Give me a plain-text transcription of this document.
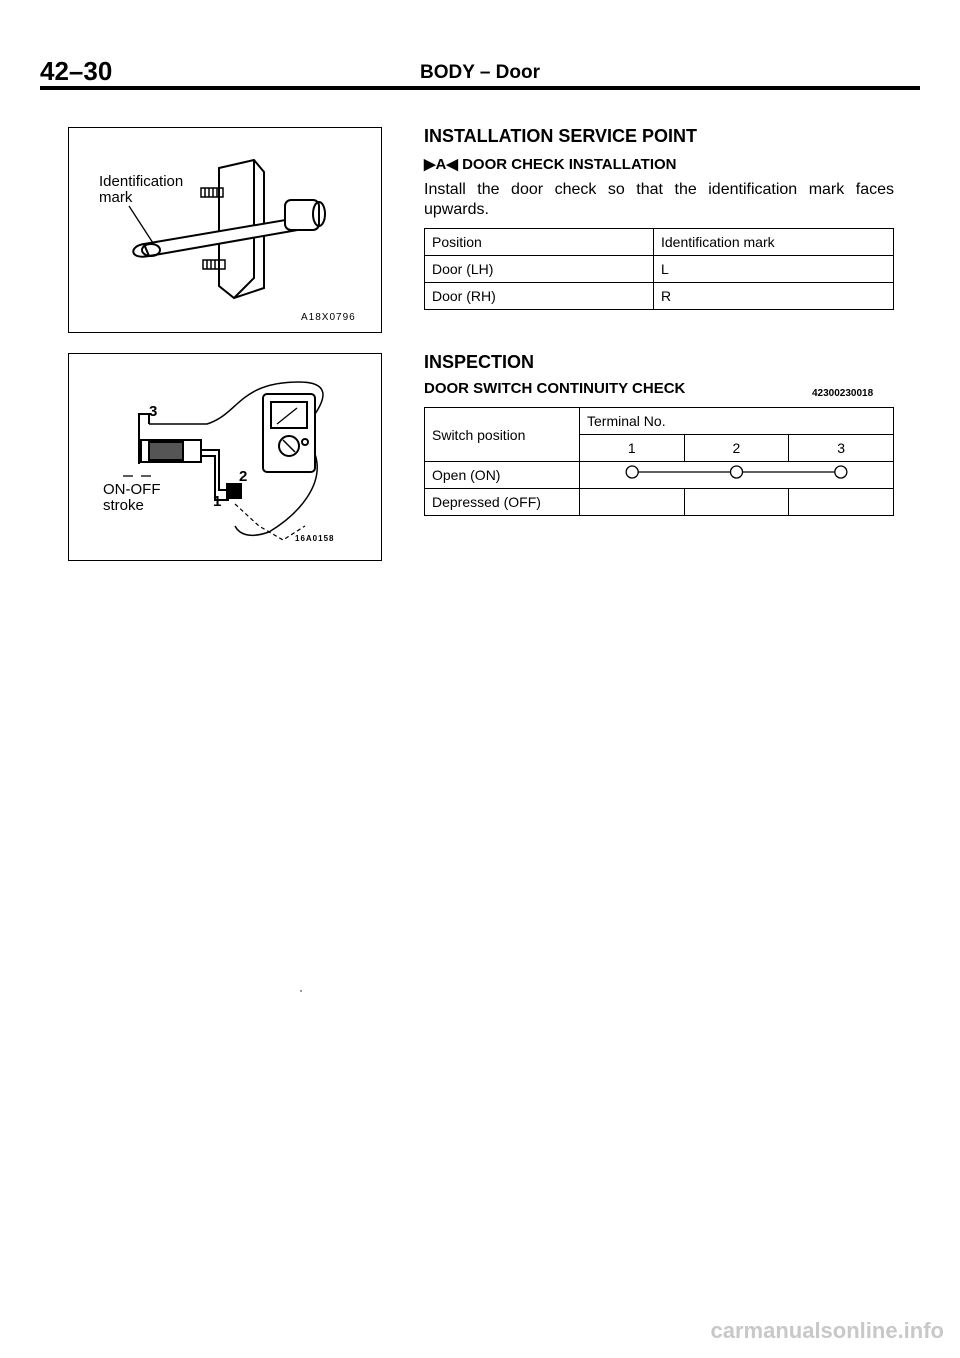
42–30	BODY – Door
Identification
mark
A18X0796
3
2
1
ON-OFF
stroke
16A0158
INSTALLATION SERVICE POINT
▶A◀ DOOR CHECK INSTALLATION
Install the door check so that the identification mark faces upwards.
Position	Identification mark
Door (LH)	L
Door (RH)	R
INSPECTION
DOOR SWITCH CONTINUITY CHECK	42300230018
Switch position	Terminal No.		
	1	2	3
Open (ON)	

Depressed (OFF)			
carmanualsonline.info
